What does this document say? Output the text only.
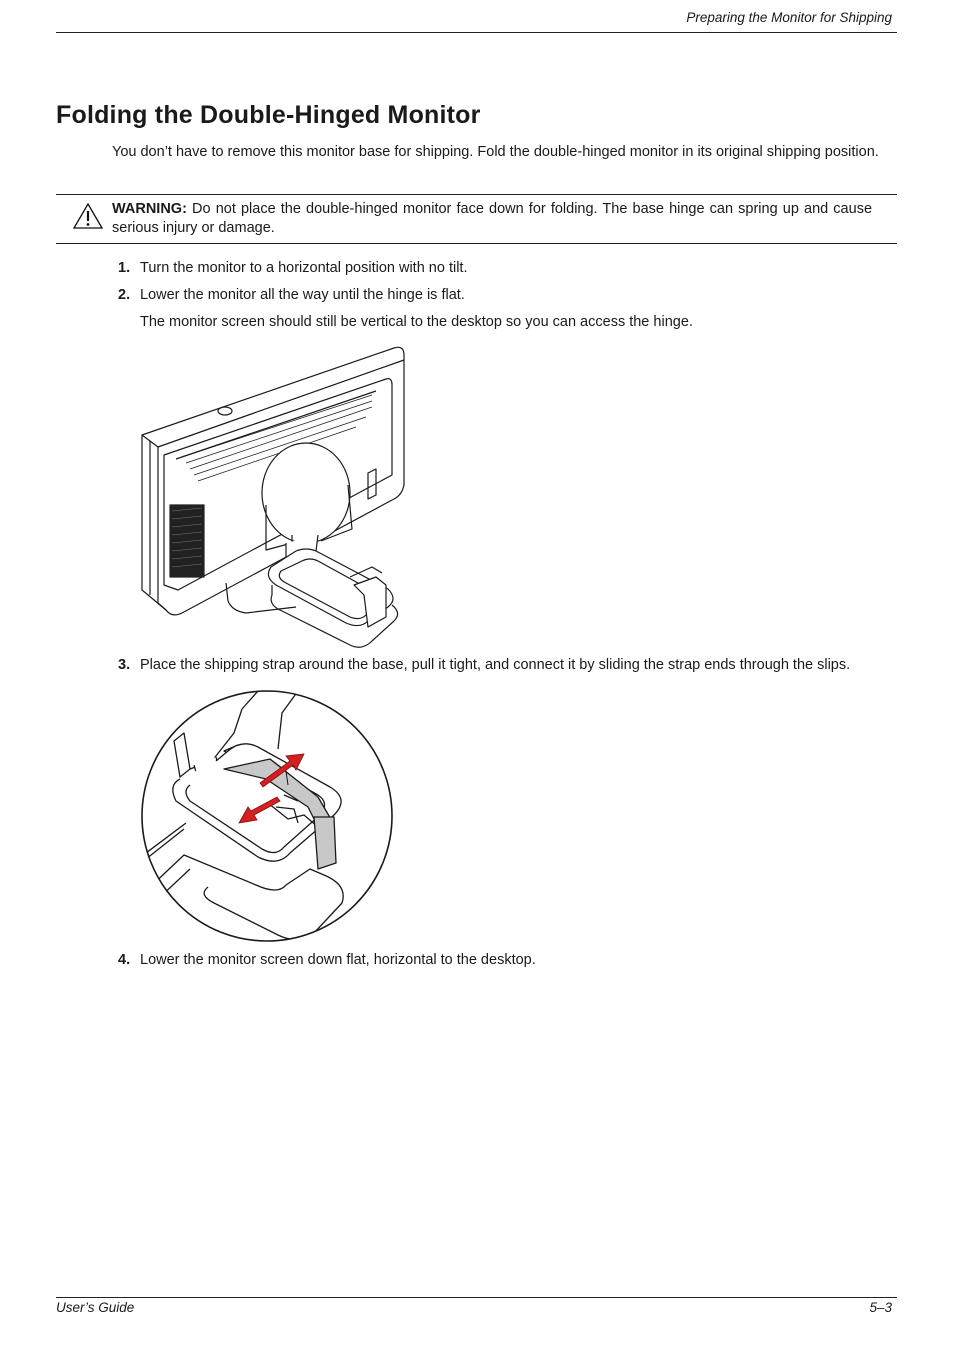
Preparing the Monitor for Shipping
Folding the Double-Hinged Monitor

You don’t have to remove this monitor base for shipping. Fold the double-hinged monitor in its original shipping position.

WARNING: Do not place the double-hinged monitor face down for folding. The base hinge can spring up and cause serious injury or damage.

1. Turn the monitor to a horizontal position with no tilt.
2. Lower the monitor all the way until the hinge is flat.
The monitor screen should still be vertical to the desktop so you can access the hinge.
3. Place the shipping strap around the base, pull it tight, and connect it by sliding the strap ends through the slips.
4. Lower the monitor screen down flat, horizontal to the desktop.
User’s Guide	5–3
